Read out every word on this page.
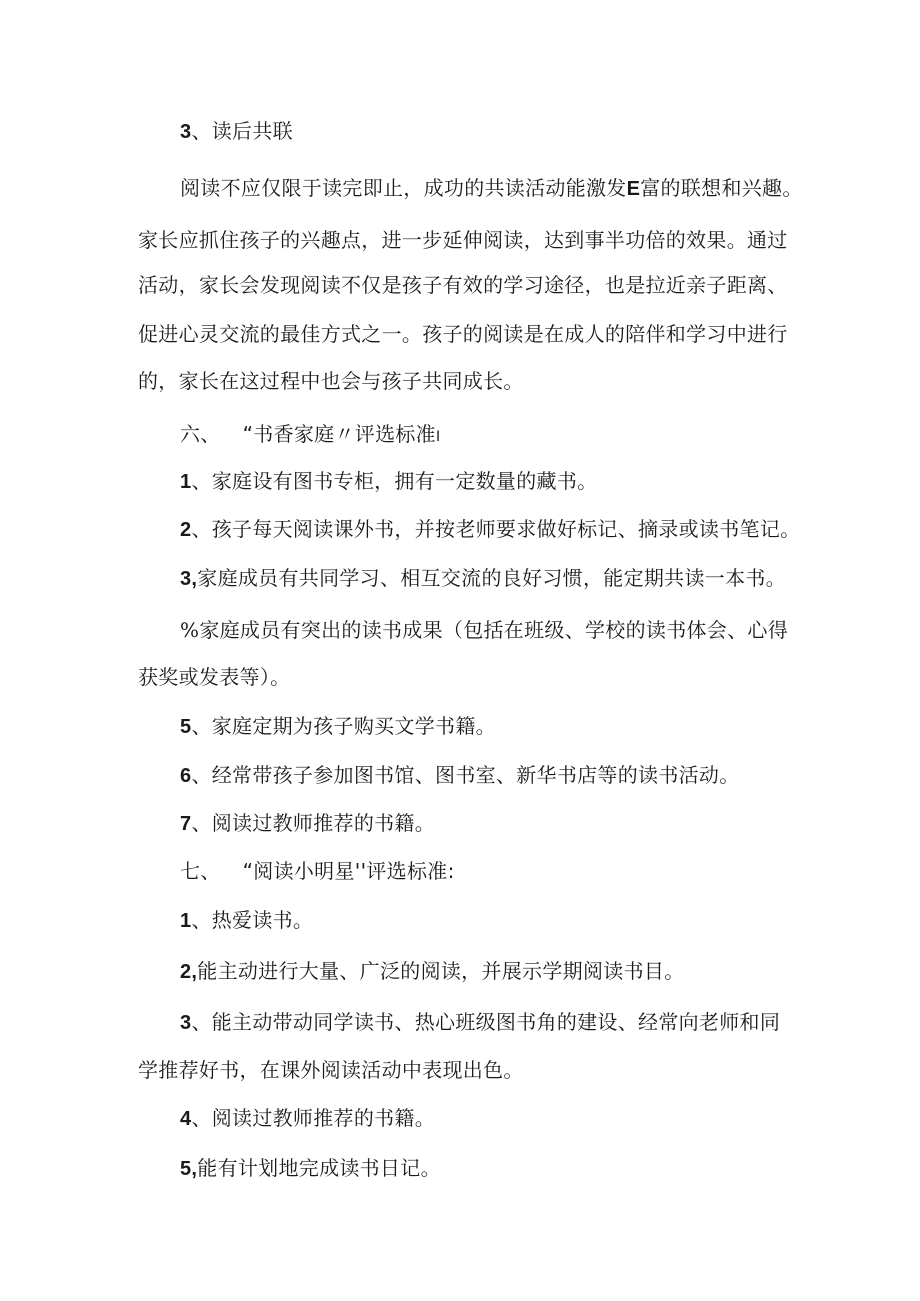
3、读后共联
阅读不应仅限于读完即止，成功的共读活动能激发E富的联想和兴趣。
家长应抓住孩子的兴趣点，进一步延伸阅读，达到事半功倍的效果。通过
活动，家长会发现阅读不仅是孩子有效的学习途径，也是拉近亲子距离、
促进心灵交流的最佳方式之一。孩子的阅读是在成人的陪伴和学习中进行
的，家长在这过程中也会与孩子共同成长。
六、 “书香家庭〃评选标准I
1、家庭设有图书专柜，拥有一定数量的藏书。
2、孩子每天阅读课外书，并按老师要求做好标记、摘录或读书笔记。
3,家庭成员有共同学习、相互交流的良好习惯，能定期共读一本书。
%家庭成员有突出的读书成果（包括在班级、学校的读书体会、心得
获奖或发表等）。
5、家庭定期为孩子购买文学书籍。
6、经常带孩子参加图书馆、图书室、新华书店等的读书活动。
7、阅读过教师推荐的书籍。
七、 “阅读小明星''评选标准:
1、热爱读书。
2,能主动进行大量、广泛的阅读，并展示学期阅读书目。
3、能主动带动同学读书、热心班级图书角的建设、经常向老师和同
学推荐好书，在课外阅读活动中表现出色。
4、阅读过教师推荐的书籍。
5,能有计划地完成读书日记。
